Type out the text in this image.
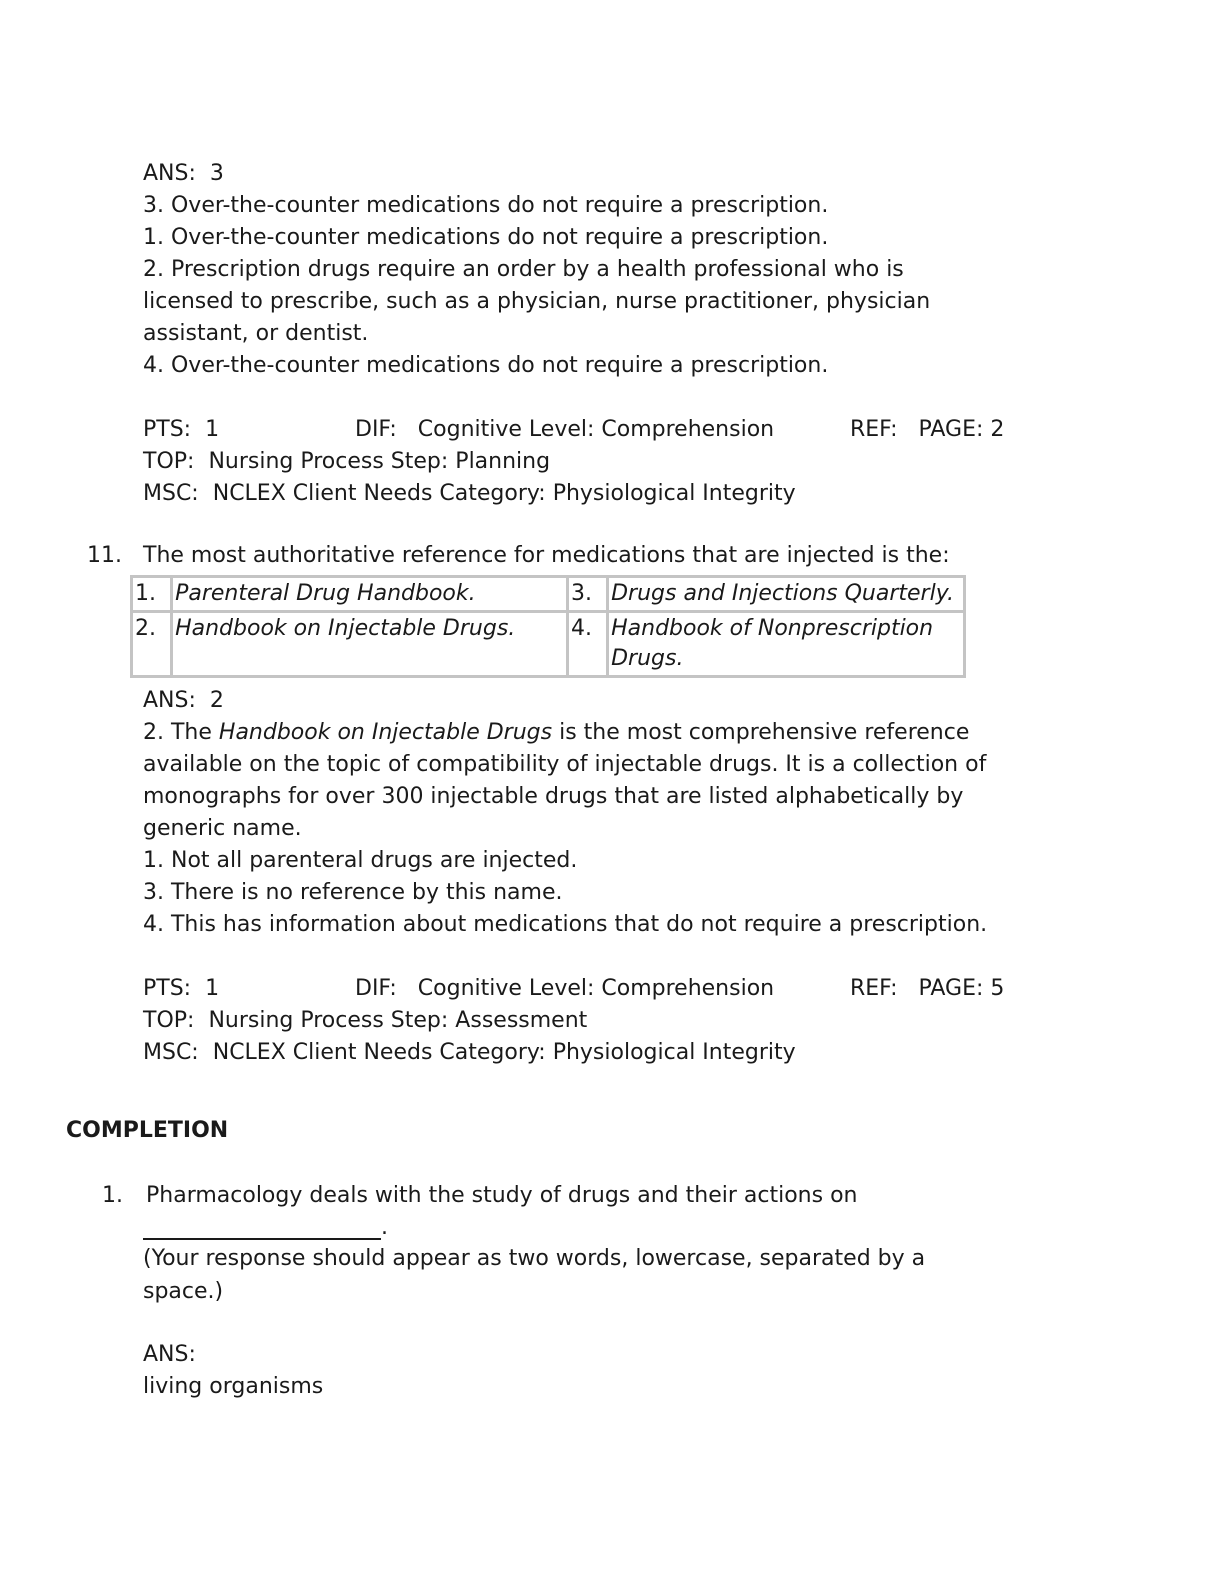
ANS: 3
3. Over-the-counter medications do not require a prescription.
1. Over-the-counter medications do not require a prescription.
2. Prescription drugs require an order by a health professional who is
licensed to prescribe, such as a physician, nurse practitioner, physician
assistant, or dentist.
4. Over-the-counter medications do not require a prescription.
PTS: 1	DIF: Cognitive Level: Comprehension	REF: PAGE: 2
TOP: Nursing Process Step: Planning
MSC: NCLEX Client Needs Category: Physiological Integrity
11. The most authoritative reference for medications that are injected is the:
1.	Parenteral Drug Handbook.	3.	Drugs and Injections Quarterly.
2.	Handbook on Injectable Drugs.	4.	Handbook of Nonprescription Drugs.
ANS: 2
2. The Handbook on Injectable Drugs is the most comprehensive reference
available on the topic of compatibility of injectable drugs. It is a collection of
monographs for over 300 injectable drugs that are listed alphabetically by
generic name.
1. Not all parenteral drugs are injected.
3. There is no reference by this name.
4. This has information about medications that do not require a prescription.
PTS: 1	DIF: Cognitive Level: Comprehension	REF: PAGE: 5
TOP: Nursing Process Step: Assessment
MSC: NCLEX Client Needs Category: Physiological Integrity
COMPLETION
1. Pharmacology deals with the study of drugs and their actions on
.
(Your response should appear as two words, lowercase, separated by a
space.)
ANS:
living organisms
